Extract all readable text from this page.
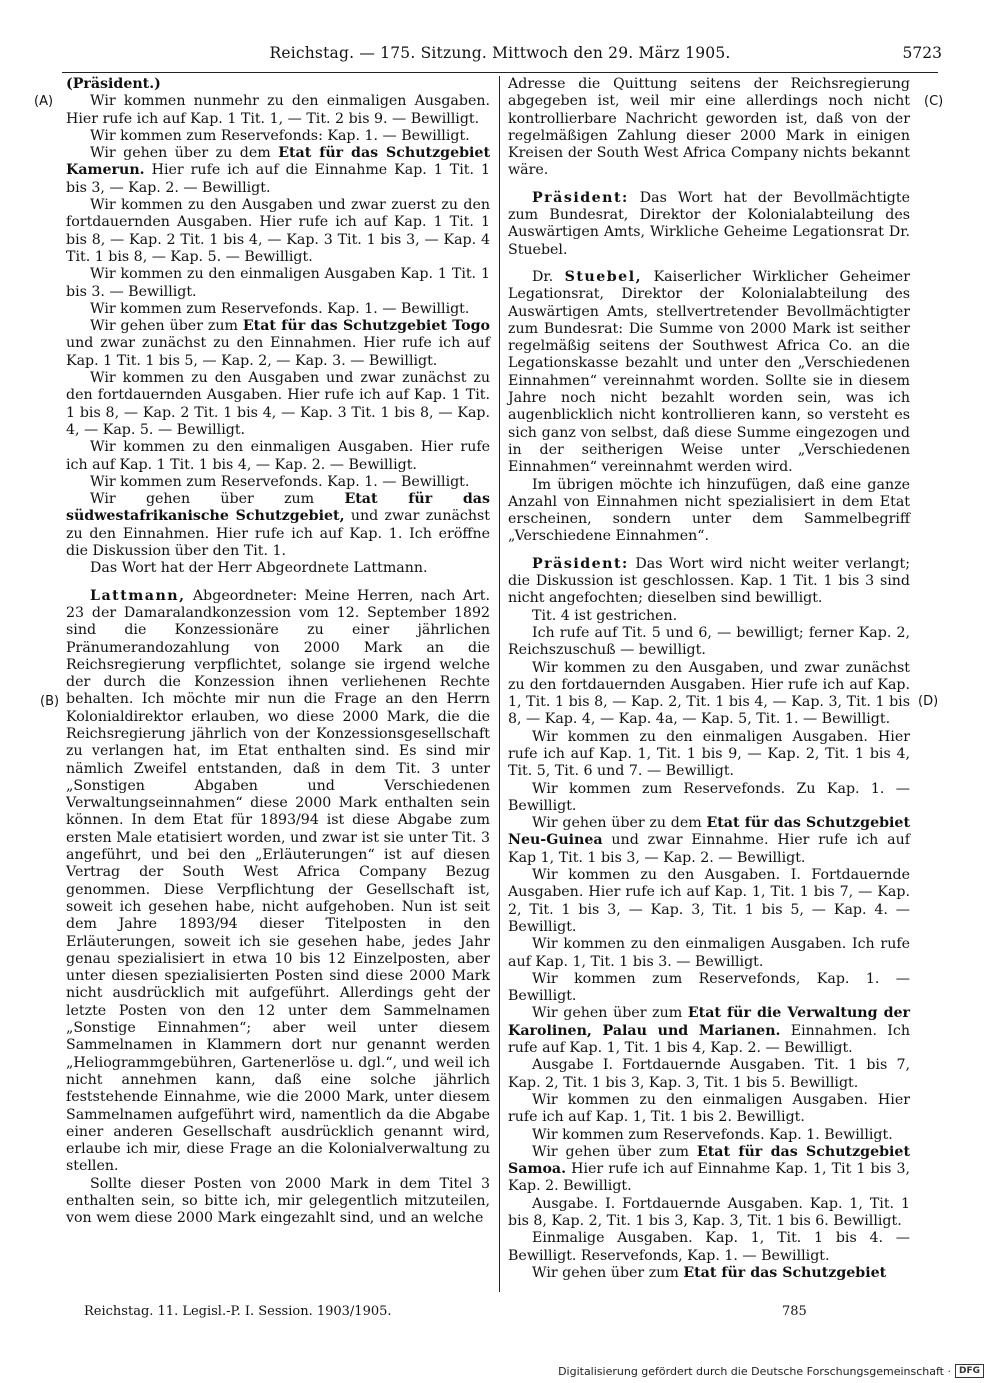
Reichstag. — 175. Sitzung. Mittwoch den 29. März 1905.	5723
(A)
(B)
(C)
(D)

(Präsident.)

Wir kommen nunmehr zu den einmaligen Ausgaben. Hier rufe ich auf Kap. 1 Tit. 1, — Tit. 2 bis 9. — Bewilligt.

Wir kommen zum Reservefonds: Kap. 1. — Bewilligt.

Wir gehen über zu dem Etat für das Schutzgebiet Kamerun. Hier rufe ich auf die Einnahme Kap. 1 Tit. 1 bis 3, — Kap. 2. — Bewilligt.

Wir kommen zu den Ausgaben und zwar zuerst zu den fortdauernden Ausgaben. Hier rufe ich auf Kap. 1 Tit. 1 bis 8, — Kap. 2 Tit. 1 bis 4, — Kap. 3 Tit. 1 bis 3, — Kap. 4 Tit. 1 bis 8, — Kap. 5. — Bewilligt.

Wir kommen zu den einmaligen Ausgaben Kap. 1 Tit. 1 bis 3. — Bewilligt.

Wir kommen zum Reservefonds. Kap. 1. — Bewilligt.

Wir gehen über zum Etat für das Schutzgebiet Togo und zwar zunächst zu den Einnahmen. Hier rufe ich auf Kap. 1 Tit. 1 bis 5, — Kap. 2, — Kap. 3. — Bewilligt.

Wir kommen zu den Ausgaben und zwar zunächst zu den fortdauernden Ausgaben. Hier rufe ich auf Kap. 1 Tit. 1 bis 8, — Kap. 2 Tit. 1 bis 4, — Kap. 3 Tit. 1 bis 8, — Kap. 4, — Kap. 5. — Bewilligt.

Wir kommen zu den einmaligen Ausgaben. Hier rufe ich auf Kap. 1 Tit. 1 bis 4, — Kap. 2. — Bewilligt.

Wir kommen zum Reservefonds. Kap. 1. — Bewilligt.

Wir gehen über zum Etat für das südwestafrikanische Schutzgebiet, und zwar zunächst zu den Einnahmen. Hier rufe ich auf Kap. 1. Ich eröffne die Diskussion über den Tit. 1.

Das Wort hat der Herr Abgeordnete Lattmann.

Lattmann, Abgeordneter: Meine Herren, nach Art. 23 der Damaralandkonzession vom 12. September 1892 sind die Konzessionäre zu einer jährlichen Pränumerandozahlung von 2000 Mark an die Reichsregierung verpflichtet, solange sie irgend welche der durch die Konzession ihnen verliehenen Rechte behalten. Ich möchte mir nun die Frage an den Herrn Kolonialdirektor erlauben, wo diese 2000 Mark, die die Reichsregierung jährlich von der Konzessionsgesellschaft zu verlangen hat, im Etat enthalten sind. Es sind mir nämlich Zweifel entstanden, daß in dem Tit. 3 unter „Sonstigen Abgaben und Verschiedenen Verwaltungseinnahmen“ diese 2000 Mark enthalten sein können. In dem Etat für 1893/94 ist diese Abgabe zum ersten Male etatisiert worden, und zwar ist sie unter Tit. 3 angeführt, und bei den „Erläuterungen“ ist auf diesen Vertrag der South West Africa Company Bezug genommen. Diese Verpflichtung der Gesellschaft ist, soweit ich gesehen habe, nicht aufgehoben. Nun ist seit dem Jahre 1893/94 dieser Titelposten in den Erläuterungen, soweit ich sie gesehen habe, jedes Jahr genau spezialisiert in etwa 10 bis 12 Einzelposten, aber unter diesen spezialisierten Posten sind diese 2000 Mark nicht ausdrücklich mit aufgeführt. Allerdings geht der letzte Posten von den 12 unter dem Sammelnamen „Sonstige Einnahmen“; aber weil unter diesem Sammelnamen in Klammern dort nur genannt werden „Heliogrammgebühren, Gartenerlöse u. dgl.“, und weil ich nicht annehmen kann, daß eine solche jährlich feststehende Einnahme, wie die 2000 Mark, unter diesem Sammelnamen aufgeführt wird, namentlich da die Abgabe einer anderen Gesellschaft ausdrücklich genannt wird, erlaube ich mir, diese Frage an die Kolonialverwaltung zu stellen.

Sollte dieser Posten von 2000 Mark in dem Titel 3 enthalten sein, so bitte ich, mir gelegentlich mitzuteilen, von wem diese 2000 Mark eingezahlt sind, und an welche

Adresse die Quittung seitens der Reichsregierung abgegeben ist, weil mir eine allerdings noch nicht kontrollierbare Nachricht geworden ist, daß von der regelmäßigen Zahlung dieser 2000 Mark in einigen Kreisen der South West Africa Company nichts bekannt wäre.

Präsident: Das Wort hat der Bevollmächtigte zum Bundesrat, Direktor der Kolonialabteilung des Auswärtigen Amts, Wirkliche Geheime Legationsrat Dr. Stuebel.

Dr. Stuebel, Kaiserlicher Wirklicher Geheimer Legationsrat, Direktor der Kolonialabteilung des Auswärtigen Amts, stellvertretender Bevollmächtigter zum Bundesrat: Die Summe von 2000 Mark ist seither regelmäßig seitens der Southwest Africa Co. an die Legationskasse bezahlt und unter den „Verschiedenen Einnahmen“ vereinnahmt worden. Sollte sie in diesem Jahre noch nicht bezahlt worden sein, was ich augenblicklich nicht kontrollieren kann, so versteht es sich ganz von selbst, daß diese Summe eingezogen und in der seitherigen Weise unter „Verschiedenen Einnahmen“ vereinnahmt werden wird.

Im übrigen möchte ich hinzufügen, daß eine ganze Anzahl von Einnahmen nicht spezialisiert in dem Etat erscheinen, sondern unter dem Sammelbegriff „Verschiedene Einnahmen“.

Präsident: Das Wort wird nicht weiter verlangt; die Diskussion ist geschlossen. Kap. 1 Tit. 1 bis 3 sind nicht angefochten; dieselben sind bewilligt.

Tit. 4 ist gestrichen.

Ich rufe auf Tit. 5 und 6, — bewilligt; ferner Kap. 2, Reichszuschuß — bewilligt.

Wir kommen zu den Ausgaben, und zwar zunächst zu den fortdauernden Ausgaben. Hier rufe ich auf Kap. 1, Tit. 1 bis 8, — Kap. 2, Tit. 1 bis 4, — Kap. 3, Tit. 1 bis 8, — Kap. 4, — Kap. 4a, — Kap. 5, Tit. 1. — Bewilligt.

Wir kommen zu den einmaligen Ausgaben. Hier rufe ich auf Kap. 1, Tit. 1 bis 9, — Kap. 2, Tit. 1 bis 4, Tit. 5, Tit. 6 und 7. — Bewilligt.

Wir kommen zum Reservefonds. Zu Kap. 1. — Bewilligt.

Wir gehen über zu dem Etat für das Schutzgebiet Neu-Guinea und zwar Einnahme. Hier rufe ich auf Kap 1, Tit. 1 bis 3, — Kap. 2. — Bewilligt.

Wir kommen zu den Ausgaben. I. Fortdauernde Ausgaben. Hier rufe ich auf Kap. 1, Tit. 1 bis 7, — Kap. 2, Tit. 1 bis 3, — Kap. 3, Tit. 1 bis 5, — Kap. 4. — Bewilligt.

Wir kommen zu den einmaligen Ausgaben. Ich rufe auf Kap. 1, Tit. 1 bis 3. — Bewilligt.

Wir kommen zum Reservefonds, Kap. 1. — Bewilligt.

Wir gehen über zum Etat für die Verwaltung der Karolinen, Palau und Marianen. Einnahmen. Ich rufe auf Kap. 1, Tit. 1 bis 4, Kap. 2. — Bewilligt.

Ausgabe I. Fortdauernde Ausgaben. Tit. 1 bis 7, Kap. 2, Tit. 1 bis 3, Kap. 3, Tit. 1 bis 5. Bewilligt.

Wir kommen zu den einmaligen Ausgaben. Hier rufe ich auf Kap. 1, Tit. 1 bis 2. Bewilligt.

Wir kommen zum Reservefonds. Kap. 1. Bewilligt.

Wir gehen über zum Etat für das Schutzgebiet Samoa. Hier rufe ich auf Einnahme Kap. 1, Tit 1 bis 3, Kap. 2. Bewilligt.

Ausgabe. I. Fortdauernde Ausgaben. Kap. 1, Tit. 1 bis 8, Kap. 2, Tit. 1 bis 3, Kap. 3, Tit. 1 bis 6. Bewilligt.

Einmalige Ausgaben. Kap. 1, Tit. 1 bis 4. — Bewilligt. Reservefonds, Kap. 1. — Bewilligt.

Wir gehen über zum Etat für das Schutzgebiet

Reichstag. 11. Legisl.-P. I. Session. 1903/1905.	785
Digitalisierung gefördert durch die Deutsche Forschungsgemeinschaft · DFG
